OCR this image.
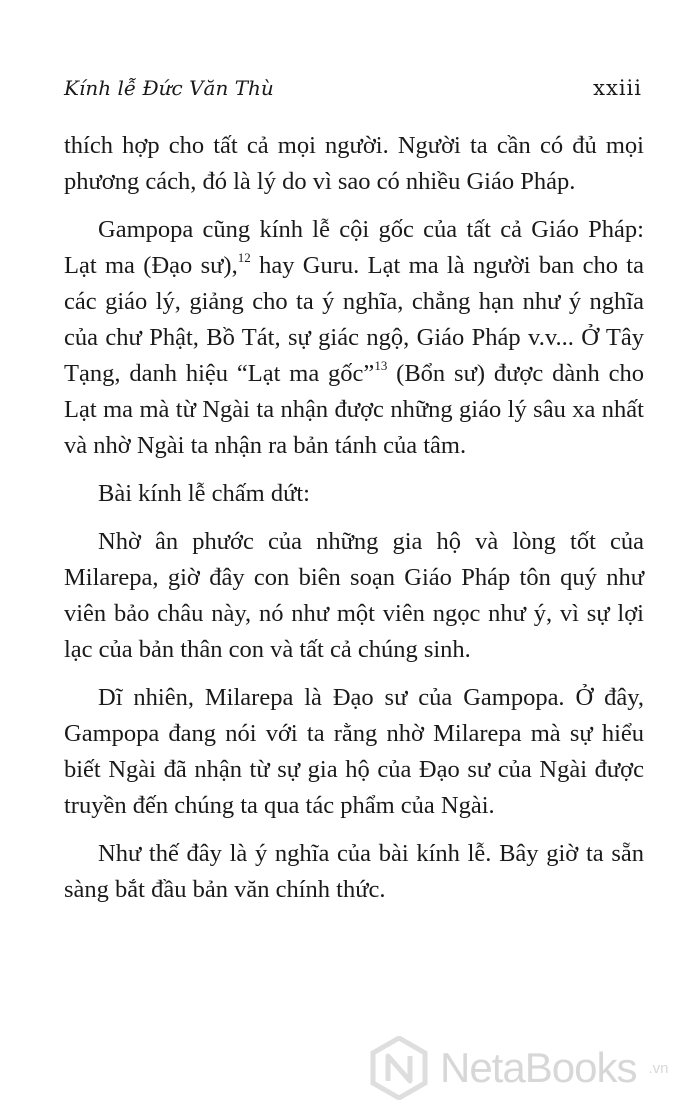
Kính lễ Đức Văn Thù	xxiii

thích hợp cho tất cả mọi người. Người ta cần có đủ mọi phương cách, đó là lý do vì sao có nhiều Giáo Pháp.

Gampopa cũng kính lễ cội gốc của tất cả Giáo Pháp: Lạt ma (Đạo sư),$^{12}$ hay Guru. Lạt ma là người ban cho ta các giáo lý, giảng cho ta ý nghĩa, chẳng hạn như ý nghĩa của chư Phật, Bồ Tát, sự giác ngộ, Giáo Pháp v.v... Ở Tây Tạng, danh hiệu “Lạt ma gốc”$^{13}$ (Bổn sư) được dành cho Lạt ma mà từ Ngài ta nhận được những giáo lý sâu xa nhất và nhờ Ngài ta nhận ra bản tánh của tâm.

Bài kính lễ chấm dứt:

Nhờ ân phước của những gia hộ và lòng tốt của Milarepa, giờ đây con biên soạn Giáo Pháp tôn quý như viên bảo châu này, nó như một viên ngọc như ý, vì sự lợi lạc của bản thân con và tất cả chúng sinh.

Dĩ nhiên, Milarepa là Đạo sư của Gampopa. Ở đây, Gampopa đang nói với ta rằng nhờ Milarepa mà sự hiểu biết Ngài đã nhận từ sự gia hộ của Đạo sư của Ngài được truyền đến chúng ta qua tác phẩm của Ngài.

Như thế đây là ý nghĩa của bài kính lễ. Bây giờ ta sẵn sàng bắt đầu bản văn chính thức.

NetaBooks .vn
